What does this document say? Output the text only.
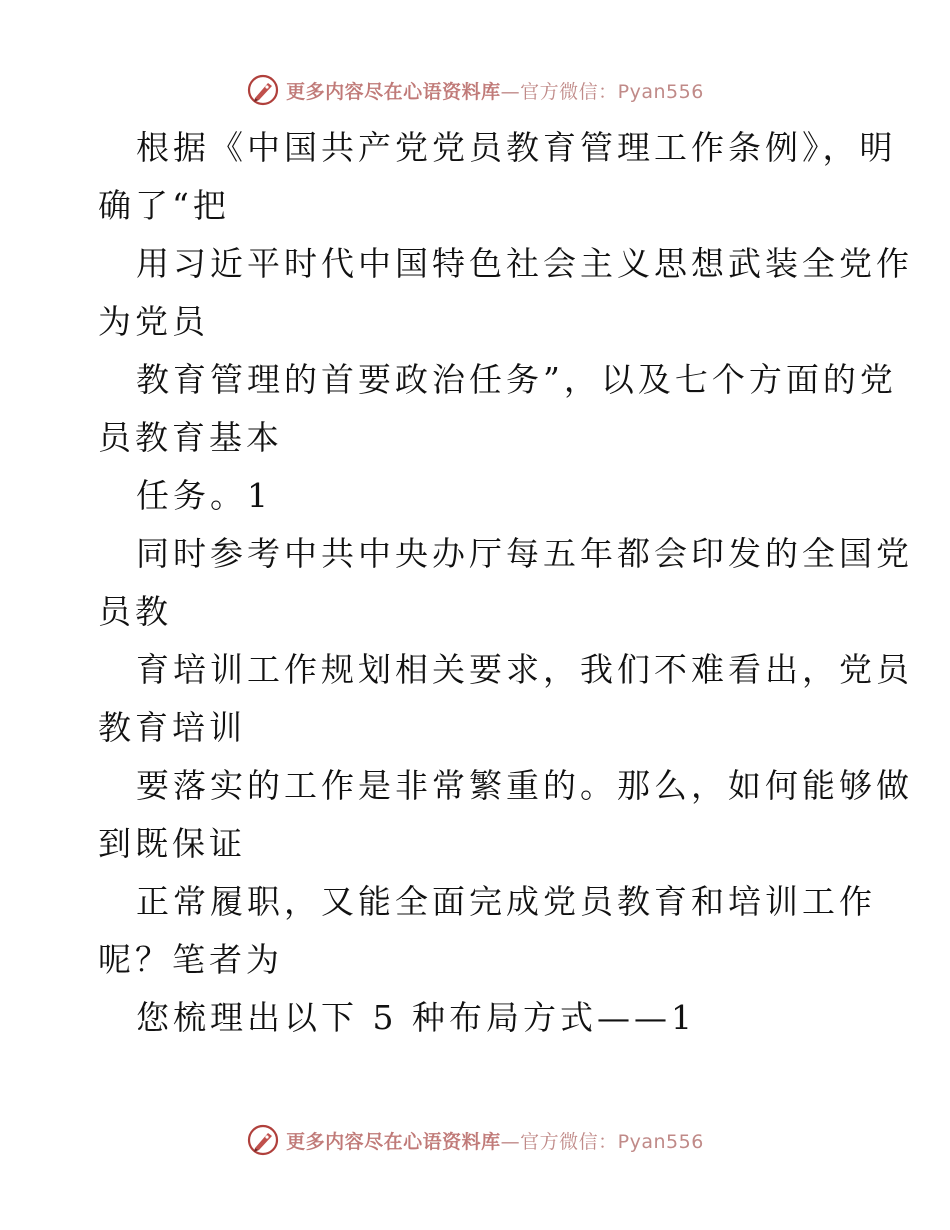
更多内容尽在心语资料库—官方微信：Pyan556
根据《中国共产党党员教育管理工作条例》，明
确了“把
用习近平时代中国特色社会主义思想武装全党作
为党员
教育管理的首要政治任务”，以及七个方面的党
员教育基本
任务。1
同时参考中共中央办厅每五年都会印发的全国党
员教
育培训工作规划相关要求，我们不难看出，党员
教育培训
要落实的工作是非常繁重的。那么，如何能够做
到既保证
正常履职，又能全面完成党员教育和培训工作
呢？笔者为
您梳理出以下 5 种布局方式——1
更多内容尽在心语资料库—官方微信：Pyan556
